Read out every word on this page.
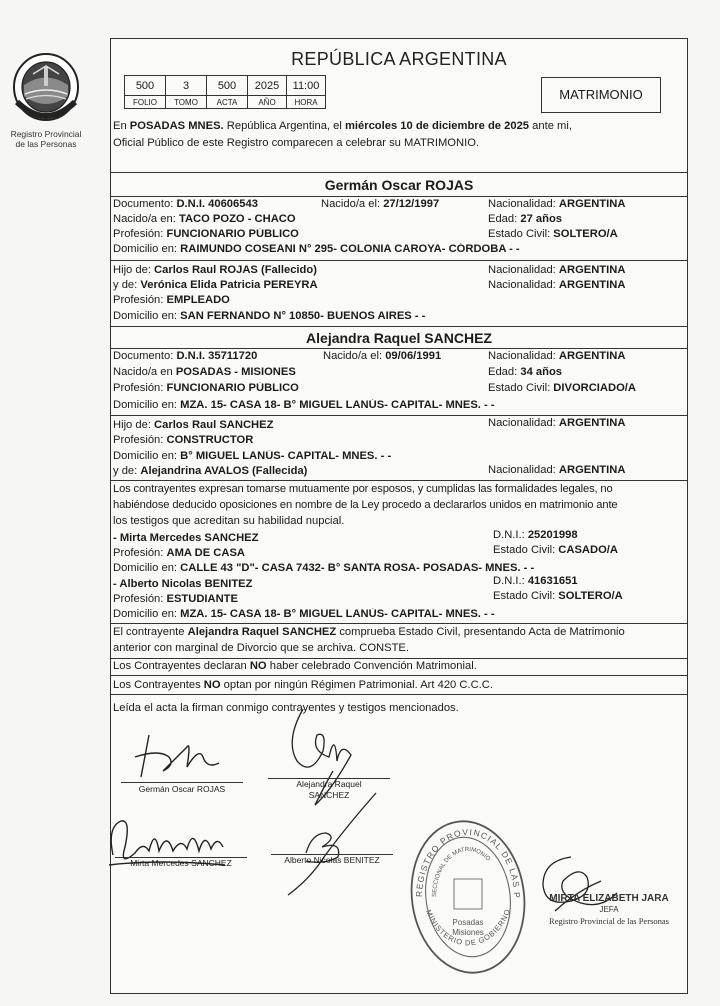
Registro Provincial
de las Personas
REPÚBLICA ARGENTINA
500	3	500	2025	11:00
FOLIO	TOMO	ACTA	AÑO	HORA	MATRIMONIO
En POSADAS MNES. República Argentina, el miércoles 10 de diciembre de 2025 ante mi,
Oficial Público de este Registro comparecen a celebrar su MATRIMONIO.
Germán Oscar ROJAS
Documento: D.N.I. 40606543	Nacido/a el: 27/12/1997	Nacionalidad: ARGENTINA
Nacido/a en: TACO POZO - CHACO	Edad: 27 años
Profesión: FUNCIONARIO PÚBLICO	Estado Civil: SOLTERO/A
Domicilio en: RAIMUNDO COSEANI N° 295- COLONIA CAROYA- CÓRDOBA - -
Hijo de: Carlos Raul ROJAS (Fallecido)	Nacionalidad: ARGENTINA
y de: Verónica Elida Patricia PEREYRA	Nacionalidad: ARGENTINA
Profesión: EMPLEADO
Domicilio en: SAN FERNANDO N° 10850- BUENOS AIRES - -
Alejandra Raquel SANCHEZ
Documento: D.N.I. 35711720	Nacido/a el: 09/06/1991	Nacionalidad: ARGENTINA
Nacido/a en POSADAS - MISIONES	Edad: 34 años
Profesión: FUNCIONARIO PÚBLICO	Estado Civil: DIVORCIADO/A
Domicilio en: MZA. 15- CASA 18- B° MIGUEL LANÚS- CAPITAL- MNES. - -
Hijo de: Carlos Raul SANCHEZ	Nacionalidad: ARGENTINA
Profesión: CONSTRUCTOR
Domicilio en: B° MIGUEL LANÚS- CAPITAL- MNES. - -
y de: Alejandrina AVALOS (Fallecida)	Nacionalidad: ARGENTINA
Los contrayentes expresan tomarse mutuamente por esposos, y cumplidas las formalidades legales, no
habiéndose deducido oposiciones en nombre de la Ley procedo a declararlos unidos en matrimonio ante
los testigos que acreditan su habilidad nupcial.
- Mirta Mercedes SANCHEZ	D.N.I.: 25201998
Profesión: AMA DE CASA	Estado Civil: CASADO/A
Domicilio en: CALLE 43 "D"- CASA 7432- B° SANTA ROSA- POSADAS- MNES. - -
- Alberto Nicolas BENITEZ	D.N.I.: 41631651
Profesión: ESTUDIANTE	Estado Civil: SOLTERO/A
Domicilio en: MZA. 15- CASA 18- B° MIGUEL LANÚS- CAPITAL- MNES. - -
El contrayente Alejandra Raquel SANCHEZ comprueba Estado Civil, presentando Acta de Matrimonio
anterior con marginal de Divorcio que se archiva. CONSTE.
Los Contrayentes declaran NO haber celebrado Convención Matrimonial.
Los Contrayentes NO optan por ningún Régimen Patrimonial. Art 420 C.C.C.
Leída el acta la firman conmigo contrayentes y testigos mencionados.
Germán Oscar ROJAS	Alejandra Raquel
SANCHEZ
Mirta Mercedes SANCHEZ	Alberto Nicolas BENITEZ
REGISTRO PROVINCIAL DE LAS PERSONAS
SECCIONAL DE MATRIMONIO
Posadas
Misiones
MINISTERIO DE GOBIERNO
MIRTA ELIZABETH JARA
JEFA
Registro Provincial de las Personas
